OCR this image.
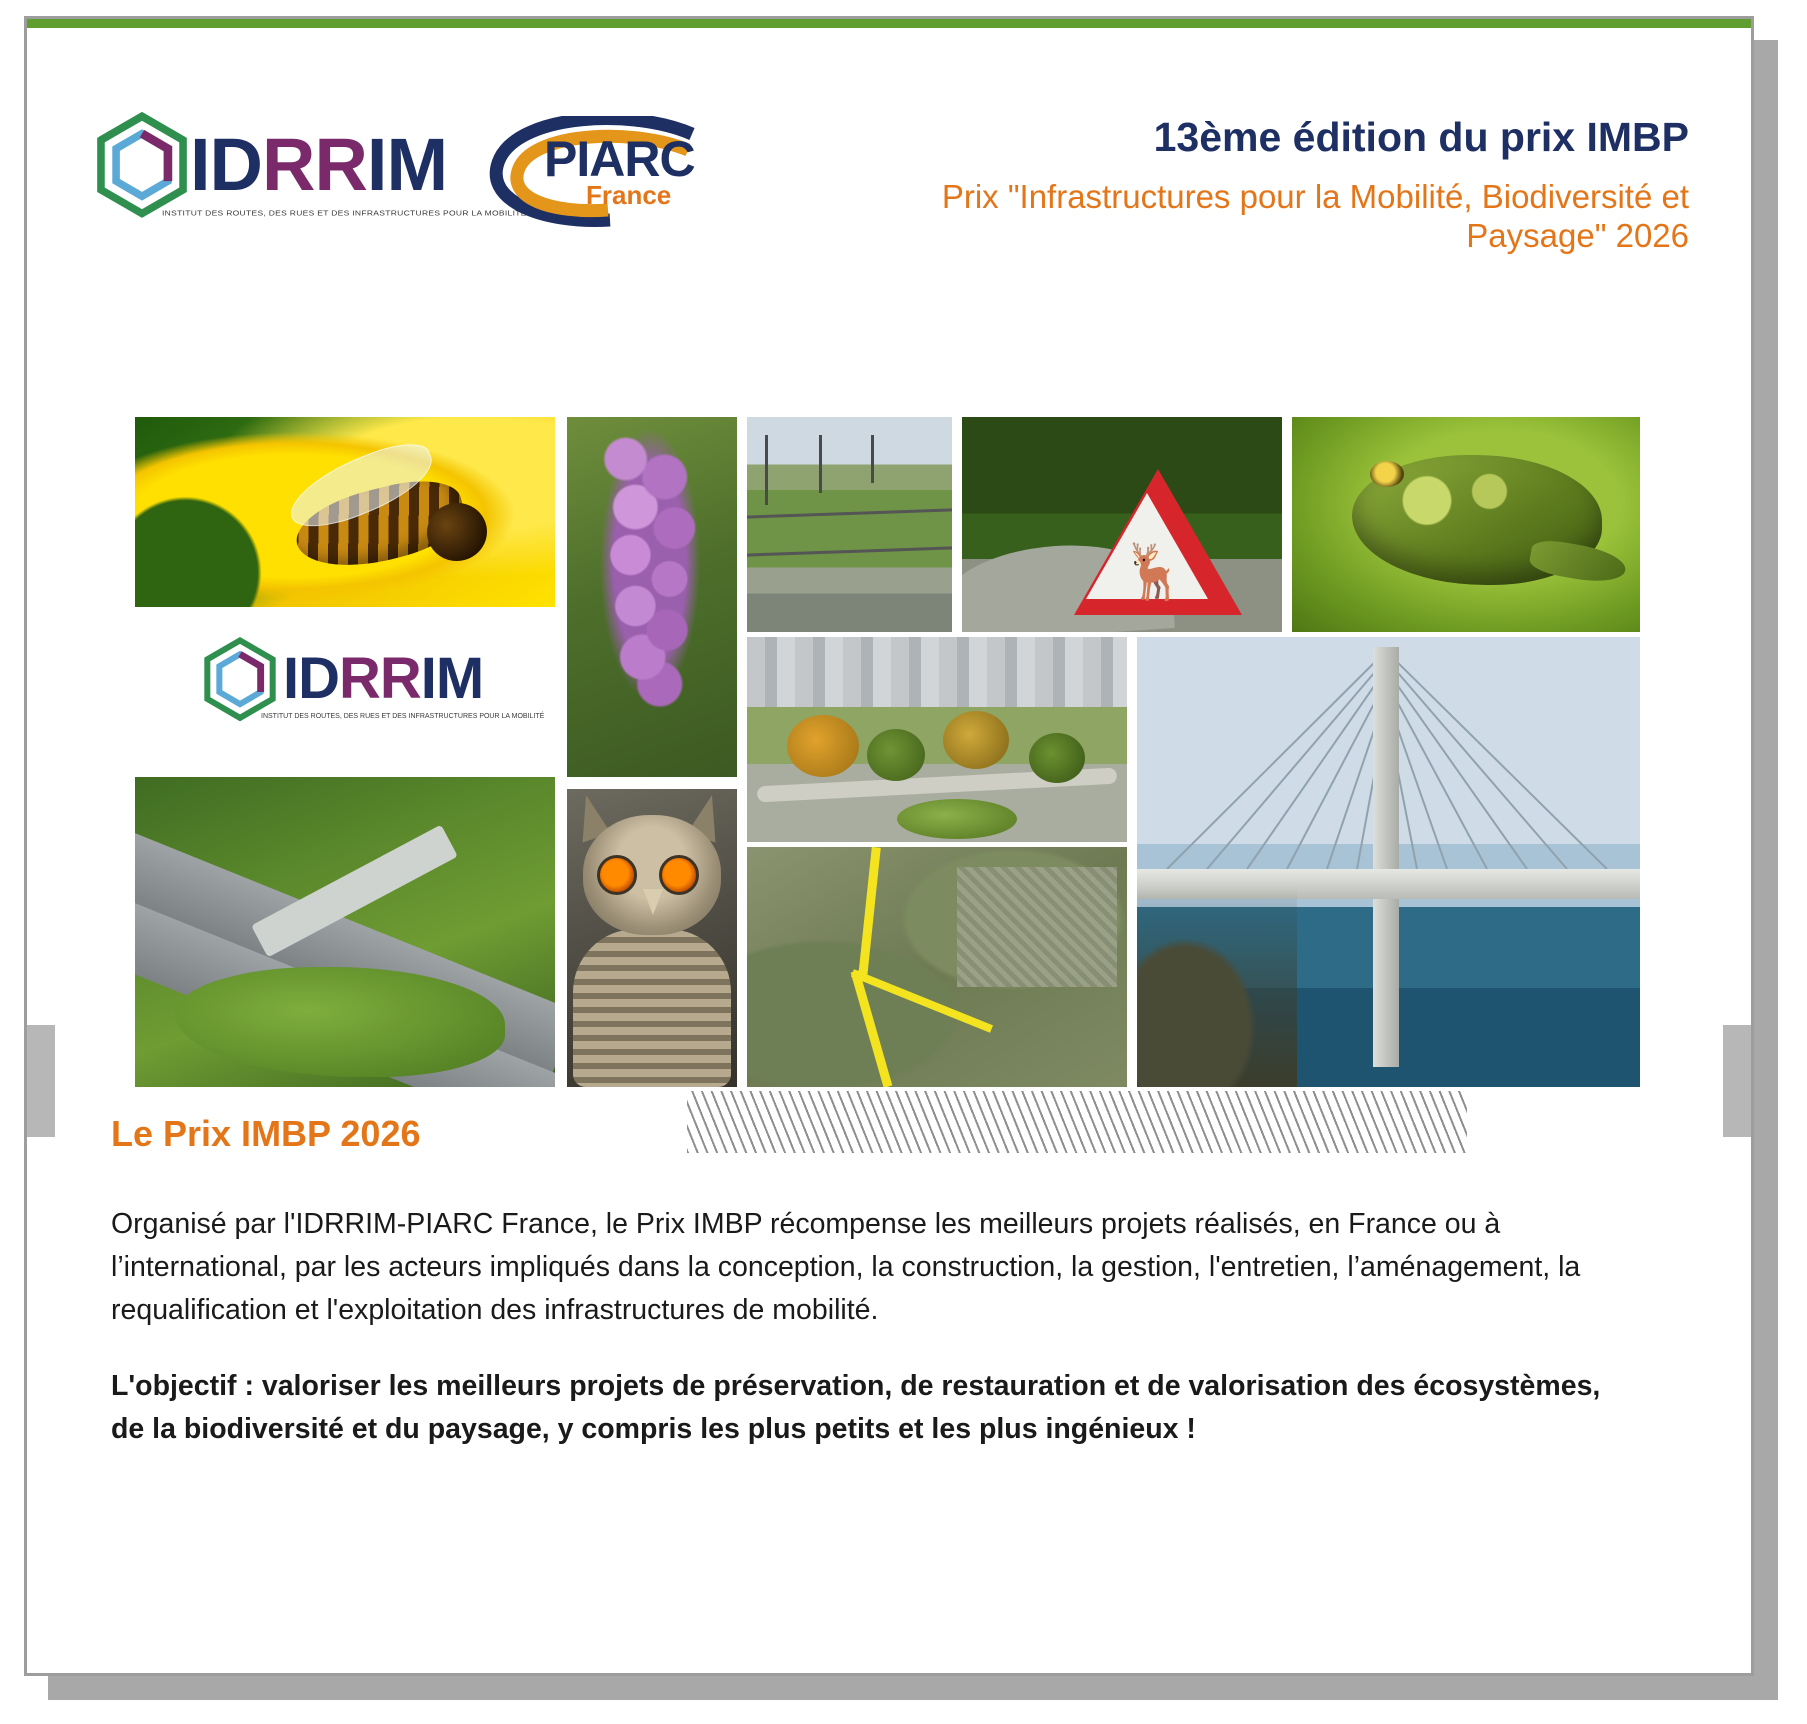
IDRRIM
INSTITUT DES ROUTES, DES RUES ET DES INFRASTRUCTURES POUR LA MOBILITÉ
PIARC
France
13ème édition du prix IMBP
Prix "Infrastructures pour la Mobilité, Biodiversité et Paysage" 2026
🦌
IDRRIM
INSTITUT DES ROUTES, DES RUES ET DES INFRASTRUCTURES POUR LA MOBILITÉ
Le Prix IMBP 2026

Organisé par l'IDRRIM-PIARC France, le Prix IMBP récompense les meilleurs projets réalisés, en France ou à l’international, par les acteurs impliqués dans la conception, la construction, la gestion, l'entretien, l’aménagement, la requalification et l'exploitation des infrastructures de mobilité.

L'objectif : valoriser les meilleurs projets de préservation, de restauration et de valorisation des écosystèmes, de la biodiversité et du paysage, y compris les plus petits et les plus ingénieux !
